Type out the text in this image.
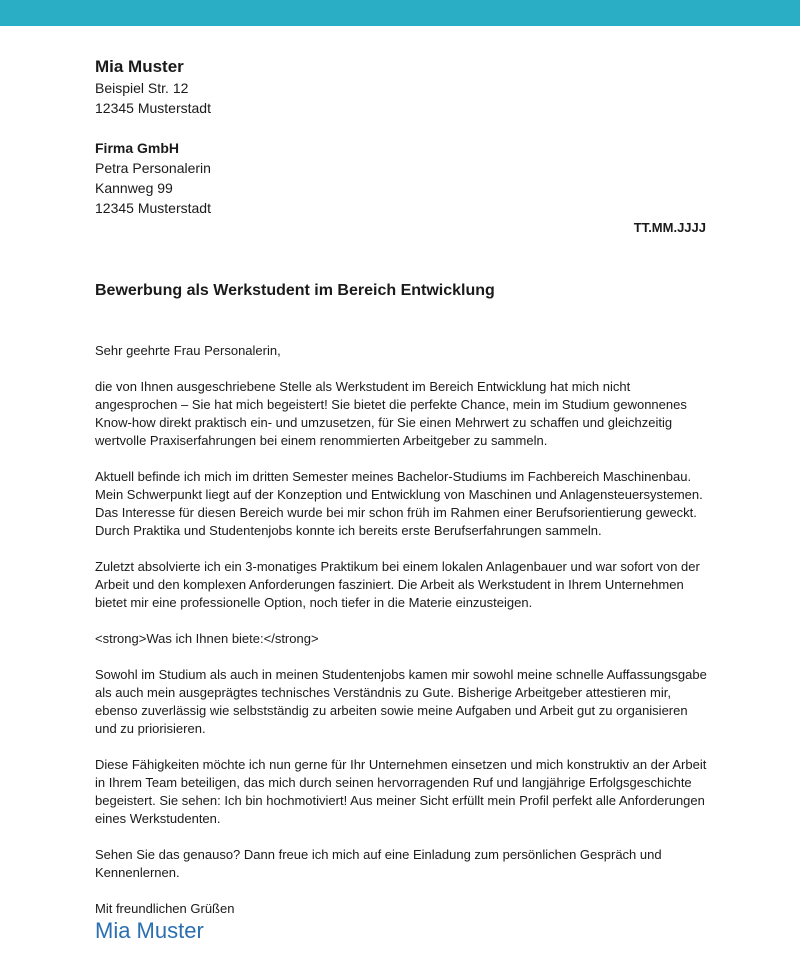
Mia Muster
Beispiel Str. 12
12345 Musterstadt
Firma GmbH
Petra Personalerin
Kannweg 99
12345 Musterstadt
TT.MM.JJJJ
Bewerbung als Werkstudent im Bereich Entwicklung
Sehr geehrte Frau Personalerin,
die von Ihnen ausgeschriebene Stelle als Werkstudent im Bereich Entwicklung hat mich nicht angesprochen – Sie hat mich begeistert! Sie bietet die perfekte Chance, mein im Studium gewonnenes Know-how direkt praktisch ein- und umzusetzen, für Sie einen Mehrwert zu schaffen und gleichzeitig wertvolle Praxiserfahrungen bei einem renommierten Arbeitgeber zu sammeln.
Aktuell befinde ich mich im dritten Semester meines Bachelor-Studiums im Fachbereich Maschinenbau. Mein Schwerpunkt liegt auf der Konzeption und Entwicklung von Maschinen und Anlagensteuersystemen. Das Interesse für diesen Bereich wurde bei mir schon früh im Rahmen einer Berufsorientierung geweckt. Durch Praktika und Studentenjobs konnte ich bereits erste Berufserfahrungen sammeln.
Zuletzt absolvierte ich ein 3-monatiges Praktikum bei einem lokalen Anlagenbauer und war sofort von der Arbeit und den komplexen Anforderungen fasziniert. Die Arbeit als Werkstudent in Ihrem Unternehmen bietet mir eine professionelle Option, noch tiefer in die Materie einzusteigen.
<strong>Was ich Ihnen biete:</strong>
Sowohl im Studium als auch in meinen Studentenjobs kamen mir sowohl meine schnelle Auffassungsgabe als auch mein ausgeprägtes technisches Verständnis zu Gute. Bisherige Arbeitgeber attestieren mir, ebenso zuverlässig wie selbstständig zu arbeiten sowie meine Aufgaben und Arbeit gut zu organisieren und zu priorisieren.
Diese Fähigkeiten möchte ich nun gerne für Ihr Unternehmen einsetzen und mich konstruktiv an der Arbeit in Ihrem Team beteiligen, das mich durch seinen hervorragenden Ruf und langjährige Erfolgsgeschichte begeistert. Sie sehen: Ich bin hochmotiviert! Aus meiner Sicht erfüllt mein Profil perfekt alle Anforderungen eines Werkstudenten.
Sehen Sie das genauso? Dann freue ich mich auf eine Einladung zum persönlichen Gespräch und Kennenlernen.
Mit freundlichen Grüßen
Mia Muster
